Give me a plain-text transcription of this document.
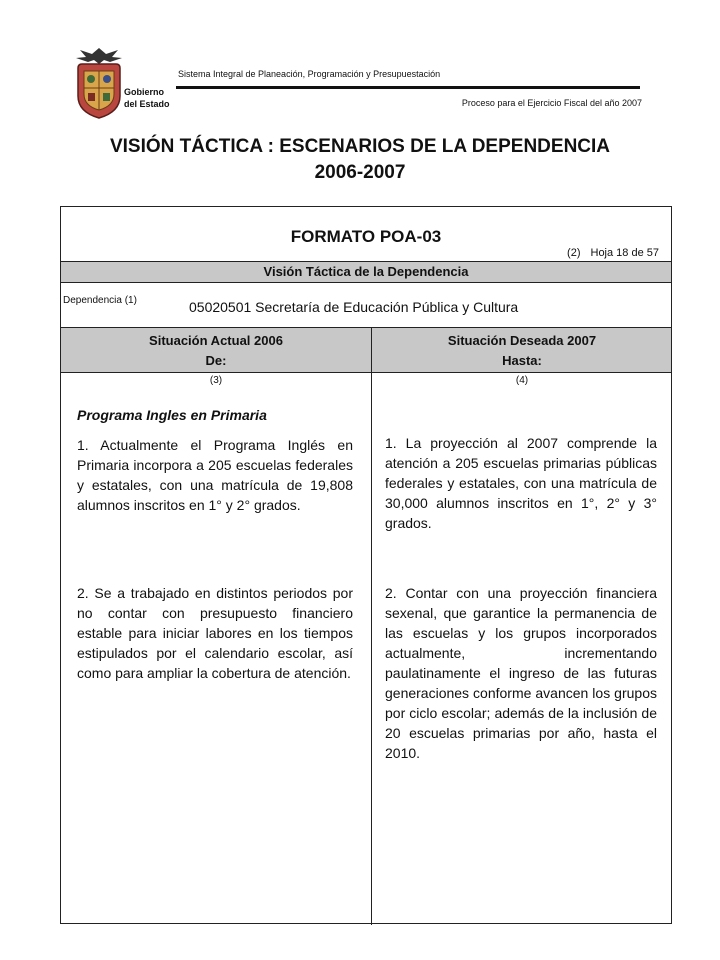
Gobierno
del Estado
Sistema Integral de Planeación, Programación y Presupuestación
Proceso para el Ejercicio Fiscal del año 2007
VISIÓN TÁCTICA : ESCENARIOS DE LA DEPENDENCIA
2006-2007
FORMATO POA-03
(2) Hoja 18 de 57
Visión Táctica de la Dependencia
Dependencia (1)	05020501 Secretaría de Educación Pública y Cultura
Situación Actual 2006
De:
Situación Deseada 2007
Hasta:
(3)	(4)
Programa Ingles en Primaria
1. Actualmente el Programa Inglés en Primaria incorpora a 205 escuelas federales y estatales, con una matrícula de 19,808 alumnos inscritos en 1° y 2° grados.
2. Se a trabajado en distintos periodos por no contar con presupuesto financiero estable para iniciar labores en los tiempos estipulados por el calendario escolar, así como para ampliar la cobertura de atención.
1. La proyección al 2007 comprende la atención a 205 escuelas primarias públicas federales y estatales, con una matrícula de 30,000 alumnos inscritos en 1°, 2° y 3° grados.
2. Contar con una proyección financiera sexenal, que garantice la permanencia de las escuelas y los grupos incorporados actualmente, incrementando paulatinamente el ingreso de las futuras generaciones conforme avancen los grupos por ciclo escolar; además de la inclusión de 20 escuelas primarias por año, hasta el 2010.
